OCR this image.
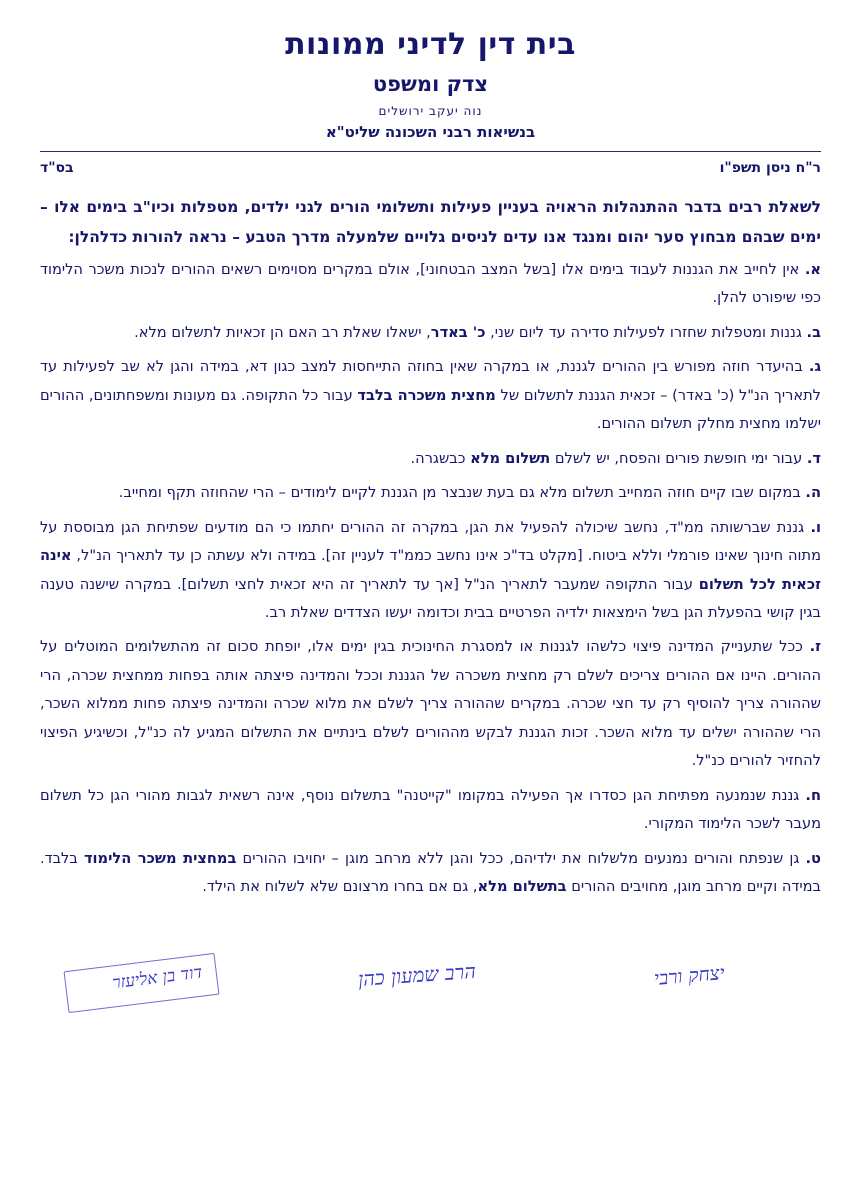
בית דין לדיני ממונות
צדק ומשפט
נוה יעקב ירושלים
בנשיאות רבני השכונה שליט"א
בס"ד	ר"ח ניסן תשפ"ו

לשאלת רבים בדבר ההתנהלות הראויה בעניין פעילות ותשלומי הורים לגני ילדים, מטפלות וכיו"ב בימים אלו – ימים שבהם מבחוץ סער יהום ומנגד אנו עדים לניסים גלויים שלמעלה מדרך הטבע – נראה להורות כדלהלן:

א. אין לחייב את הגננות לעבוד בימים אלו [בשל המצב הבטחוני], אולם במקרים מסוימים רשאים ההורים לנכות משכר הלימוד כפי שיפורט להלן.

ב. גננות ומטפלות שחזרו לפעילות סדירה עד ליום שני, כ' באדר, ישאלו שאלת רב האם הן זכאיות לתשלום מלא.

ג. בהיעדר חוזה מפורש בין ההורים לגננת, או במקרה שאין בחוזה התייחסות למצב כגון דא, במידה והגן לא שב לפעילות עד לתאריך הנ"ל (כ' באדר) – זכאית הגננת לתשלום של מחצית משכרה בלבד עבור כל התקופה. גם מעונות ומשפחתונים, ההורים ישלמו מחצית מחלק תשלום ההורים.

ד. עבור ימי חופשת פורים והפסח, יש לשלם תשלום מלא כבשגרה.

ה. במקום שבו קיים חוזה המחייב תשלום מלא גם בעת שנבצר מן הגננת לקיים לימודים – הרי שהחוזה תקף ומחייב.

ו. גננת שברשותה ממ"ד, נחשב שיכולה להפעיל את הגן, במקרה זה ההורים יחתמו כי הם מודעים שפתיחת הגן מבוססת על מתוה חינוך שאינו פורמלי וללא ביטוח. [מקלט בד"כ אינו נחשב כממ"ד לעניין זה]. במידה ולא עשתה כן עד לתאריך הנ"ל, אינה זכאית לכל תשלום עבור התקופה שמעבר לתאריך הנ"ל [אך עד לתאריך זה היא זכאית לחצי תשלום]. במקרה שישנה טענה בגין קושי בהפעלת הגן בשל הימצאות ילדיה הפרטיים בבית וכדומה יעשו הצדדים שאלת רב.

ז. ככל שתענייק המדינה פיצוי כלשהו לגננות או למסגרת החינוכית בגין ימים אלו, יופחת סכום זה מהתשלומים המוטלים על ההורים. היינו אם ההורים צריכים לשלם רק מחצית משכרה של הגננת וככל והמדינה פיצתה אותה בפחות ממחצית שכרה, הרי שההורה צריך להוסיף רק עד חצי שכרה. במקרים שההורה צריך לשלם את מלוא שכרה והמדינה פיצתה פחות ממלוא השכר, הרי שההורה ישלים עד מלוא השכר. זכות הגננת לבקש מההורים לשלם בינתיים את התשלום המגיע לה כנ"ל, וכשיגיע הפיצוי להחזיר להורים כנ"ל.

ח. גננת שנמנעה מפתיחת הגן כסדרו אך הפעילה במקומו "קייטנה" בתשלום נוסף, אינה רשאית לגבות מהורי הגן כל תשלום מעבר לשכר הלימוד המקורי.

ט. גן שנפתח והורים נמנעים מלשלוח את ילדיהם, ככל והגן ללא מרחב מוגן – יחויבו ההורים במחצית משכר הלימוד בלבד. במידה וקיים מרחב מוגן, מחויבים ההורים בתשלום מלא, גם אם בחרו מרצונם שלא לשלוח את הילד.

יצחק ורבי
הרב שמעון כהן
דוד בן אליעזר
